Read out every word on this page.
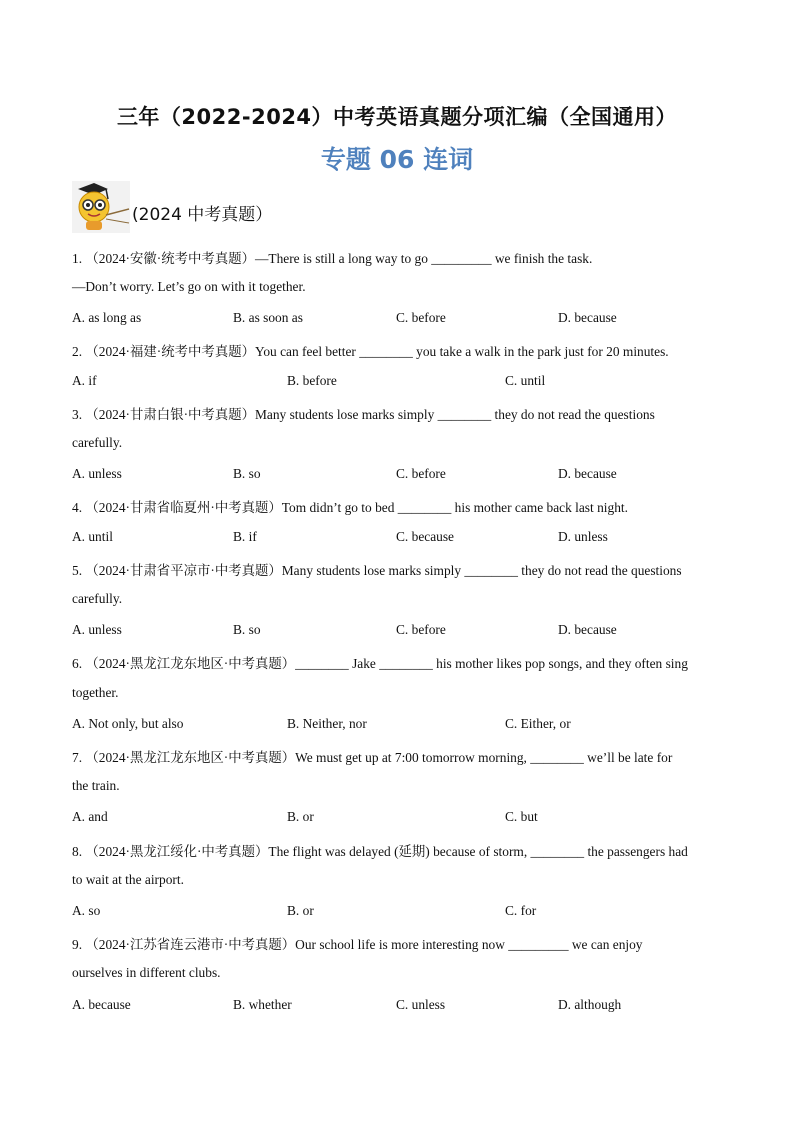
三年（2022-2024）中考英语真题分项汇编（全国通用）
专题 06 连词
(2024 中考真题）
1. （2024·安徽·统考中考真题）—There is still a long way to go _________ we finish the task.
—Don’t worry. Let’s go on with it together.
A. as long as	B. as soon as	C. before	D. because
2. （2024·福建·统考中考真题）You can feel better ________ you take a walk in the park just for 20 minutes.
A. if	B. before	C. until
3. （2024·甘肃白银·中考真题）Many students lose marks simply ________ they do not read the questions
carefully.
A. unless	B. so	C. before	D. because
4. （2024·甘肃省临夏州·中考真题）Tom didn’t go to bed ________ his mother came back last night.
A. until	B. if	C. because	D. unless
5. （2024·甘肃省平凉市·中考真题）Many students lose marks simply ________ they do not read the questions
carefully.
A. unless	B. so	C. before	D. because
6. （2024·黑龙江龙东地区·中考真题）________ Jake ________ his mother likes pop songs, and they often sing
together.
A. Not only, but also	B. Neither, nor	C. Either, or
7. （2024·黑龙江龙东地区·中考真题）We must get up at 7:00 tomorrow morning, ________ we’ll be late for
the train.
A. and	B. or	C. but
8. （2024·黑龙江绥化·中考真题）The flight was delayed (延期) because of storm, ________ the passengers had
to wait at the airport.
A. so	B. or	C. for
9. （2024·江苏省连云港市·中考真题）Our school life is more interesting now _________ we can enjoy
ourselves in different clubs.
A. because	B. whether	C. unless	D. although
